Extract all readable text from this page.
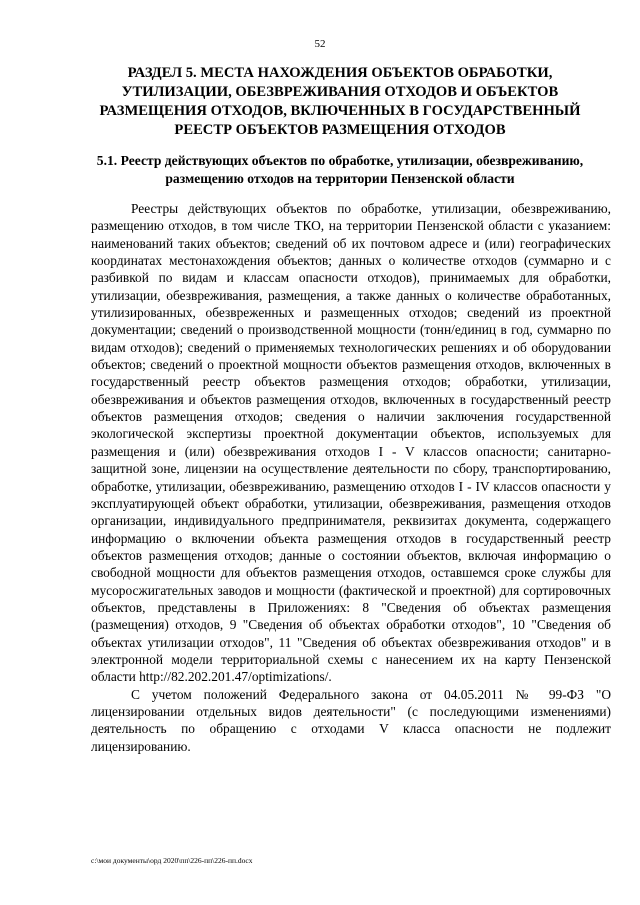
52
РАЗДЕЛ 5. МЕСТА НАХОЖДЕНИЯ ОБЪЕКТОВ ОБРАБОТКИ, УТИЛИЗАЦИИ, ОБЕЗВРЕЖИВАНИЯ ОТХОДОВ И ОБЪЕКТОВ РАЗМЕЩЕНИЯ ОТХОДОВ, ВКЛЮЧЕННЫХ В ГОСУДАРСТВЕННЫЙ РЕЕСТР ОБЪЕКТОВ РАЗМЕЩЕНИЯ ОТХОДОВ
5.1. Реестр действующих объектов по обработке, утилизации, обезвреживанию, размещению отходов на территории Пензенской области

Реестры действующих объектов по обработке, утилизации, обезвреживанию, размещению отходов, в том числе ТКО, на территории Пензенской области с указанием: наименований таких объектов; сведений об их почтовом адресе и (или) географических координатах местонахождения объектов; данных о количестве отходов (суммарно и с разбивкой по видам и классам опасности отходов), принимаемых для обработки, утилизации, обезвреживания, размещения, а также данных о количестве обработанных, утилизированных, обезвреженных и размещенных отходов; сведений из проектной документации; сведений о производственной мощности (тонн/единиц в год, суммарно по видам отходов); сведений о применяемых технологических решениях и об оборудовании объектов; сведений о проектной мощности объектов размещения отходов, включенных в государственный реестр объектов размещения отходов; обработки, утилизации, обезвреживания и объектов размещения отходов, включенных в государственный реестр объектов размещения отходов; сведения о наличии заключения государственной экологической экспертизы проектной документации объектов, используемых для размещения и (или) обезвреживания отходов I - V классов опасности; санитарно-защитной зоне, лицензии на осуществление деятельности по сбору, транспортированию, обработке, утилизации, обезвреживанию, размещению отходов I - IV классов опасности у эксплуатирующей объект обработки, утилизации, обезвреживания, размещения отходов организации, индивидуального предпринимателя, реквизитах документа, содержащего информацию о включении объекта размещения отходов в государственный реестр объектов размещения отходов; данные о состоянии объектов, включая информацию о свободной мощности для объектов размещения отходов, оставшемся сроке службы для мусоросжигательных заводов и мощности (фактической и проектной) для сортировочных объектов, представлены в Приложениях: 8 "Сведения об объектах размещения (размещения) отходов, 9 "Сведения об объектах обработки отходов", 10 "Сведения об объектах утилизации отходов", 11 "Сведения об объектах обезвреживания отходов" и в электронной модели территориальной схемы с нанесением их на карту Пензенской области http://82.202.201.47/optimizations/.

С учетом положений Федерального закона от 04.05.2011 № 99-ФЗ "О лицензировании отдельных видов деятельности" (с последующими изменениями) деятельность по обращению с отходами V класса опасности не подлежит лицензированию.

c:\мои документы\орд 2020\пп\226-пп\226-пп.docx
